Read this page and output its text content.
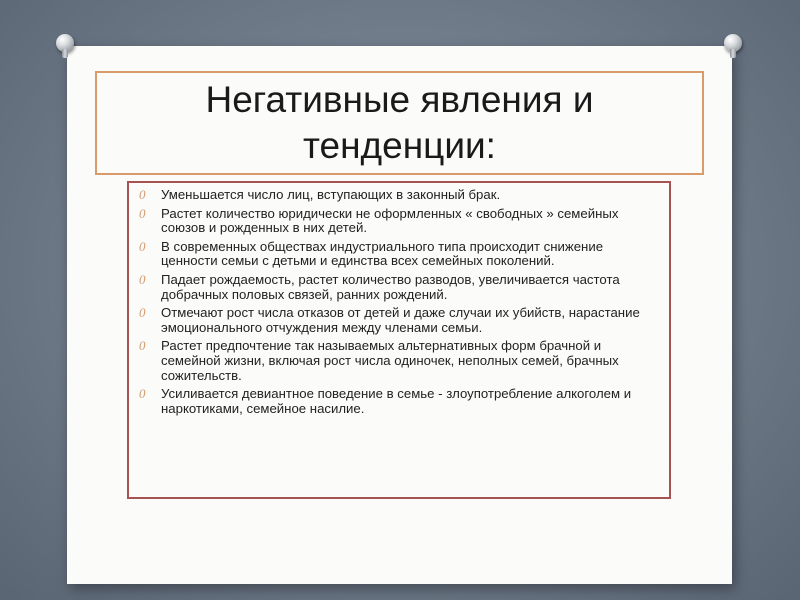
Негативные явления и
тенденции:
0	Уменьшается число лиц, вступающих в законный брак.
0	Растет количество юридически не оформленных « свободных » семейных союзов и рожденных в них детей.
0	В современных обществах индустриального типа происходит снижение ценности семьи с детьми и единства всех семейных поколений.
0	Падает рождаемость, растет количество разводов, увеличивается частота добрачных половых связей, ранних рождений.
0	Отмечают рост числа отказов от детей и даже случаи их убийств, нарастание эмоционального отчуждения между членами семьи.
0	Растет предпочтение так называемых альтернативных форм брачной и семейной жизни, включая рост числа одиночек, неполных семей, брачных сожительств.
0	Усиливается девиантное поведение в семье - злоупотребление алкоголем и наркотиками, семейное насилие.
